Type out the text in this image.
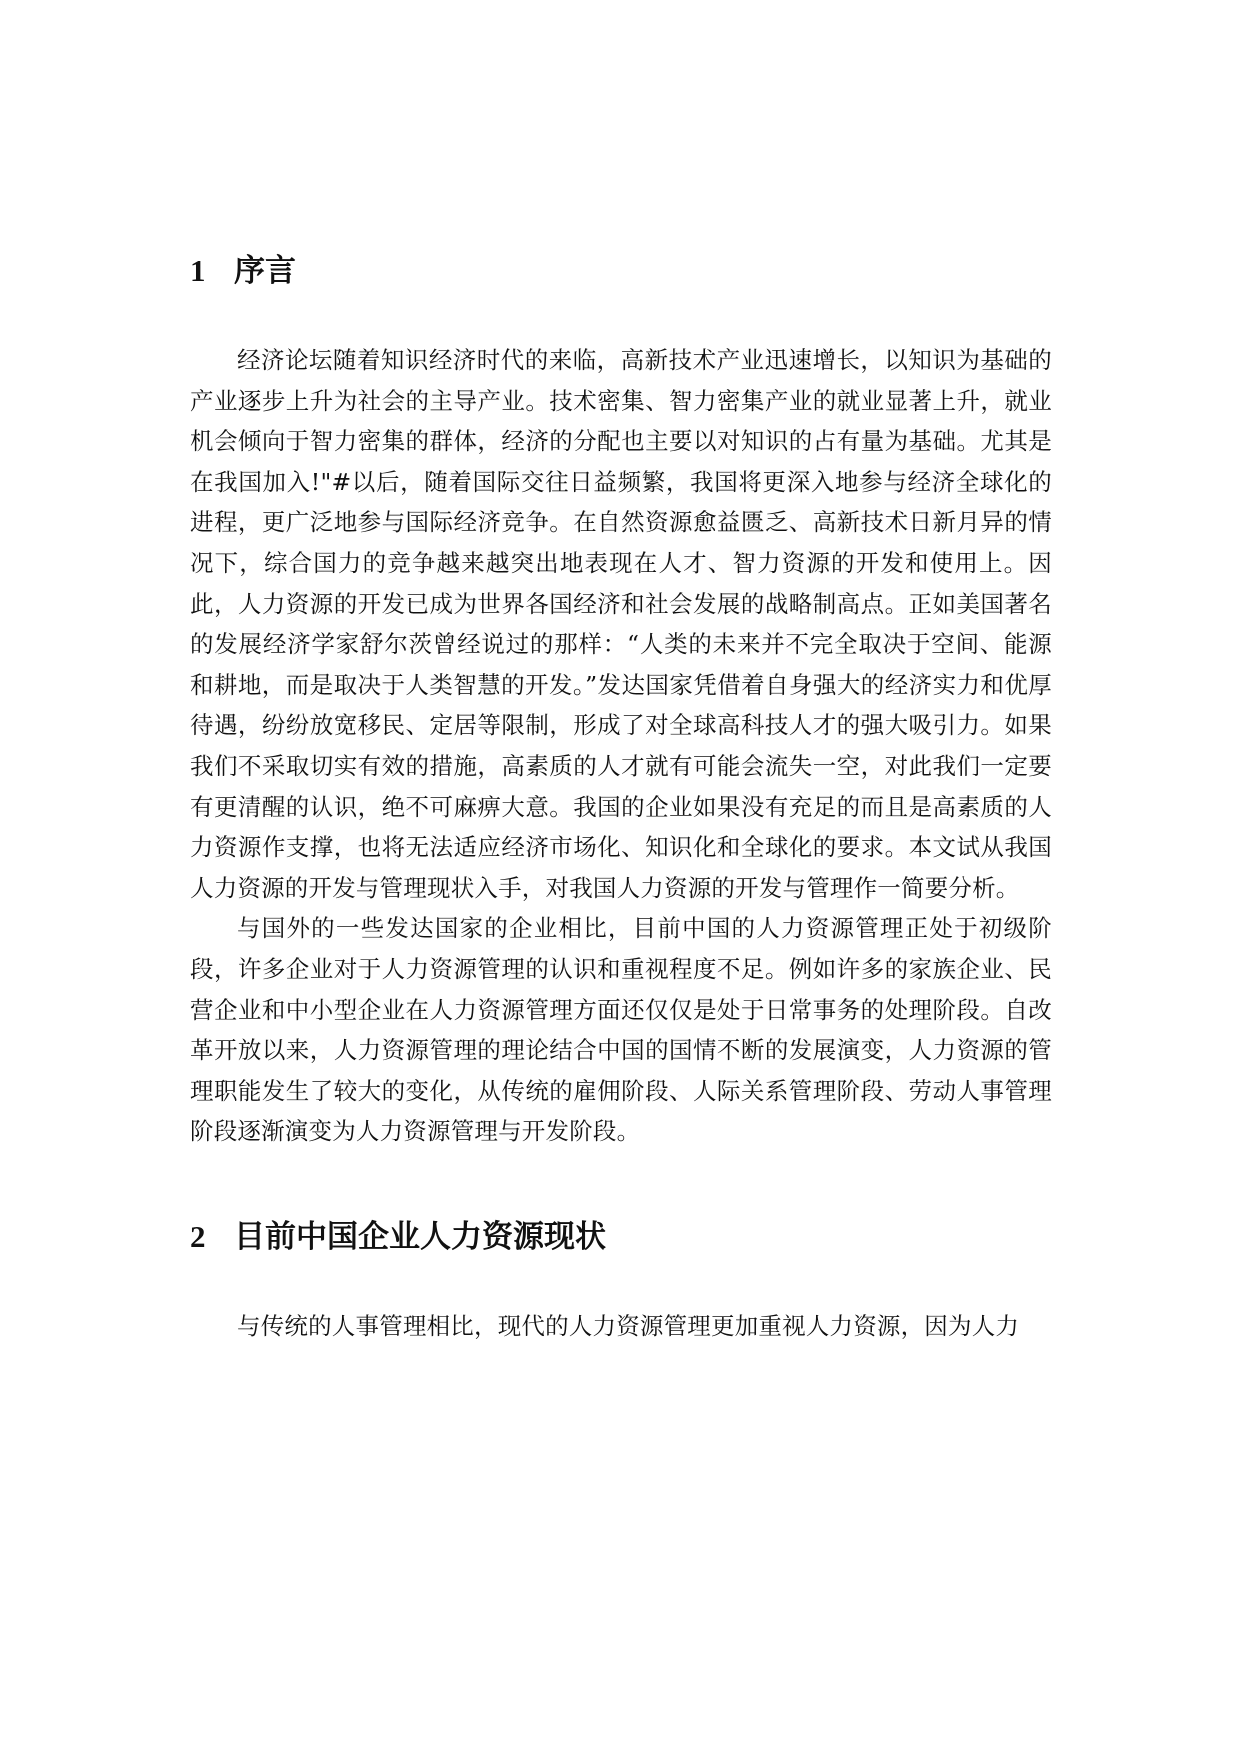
1 序言

经济论坛随着知识经济时代的来临，高新技术产业迅速增长，以知识为基础的产业逐步上升为社会的主导产业。技术密集、智力密集产业的就业显著上升，就业机会倾向于智力密集的群体，经济的分配也主要以对知识的占有量为基础。尤其是在我国加入!"#以后，随着国际交往日益频繁，我国将更深入地参与经济全球化的进程，更广泛地参与国际经济竞争。在自然资源愈益匮乏、高新技术日新月异的情况下，综合国力的竞争越来越突出地表现在人才、智力资源的开发和使用上。因此，人力资源的开发已成为世界各国经济和社会发展的战略制高点。正如美国著名的发展经济学家舒尔茨曾经说过的那样：“人类的未来并不完全取决于空间、能源和耕地，而是取决于人类智慧的开发。”发达国家凭借着自身强大的经济实力和优厚待遇，纷纷放宽移民、定居等限制，形成了对全球高科技人才的强大吸引力。如果我们不采取切实有效的措施，高素质的人才就有可能会流失一空，对此我们一定要有更清醒的认识，绝不可麻痹大意。我国的企业如果没有充足的而且是高素质的人力资源作支撑，也将无法适应经济市场化、知识化和全球化的要求。本文试从我国人力资源的开发与管理现状入手，对我国人力资源的开发与管理作一简要分析。

与国外的一些发达国家的企业相比，目前中国的人力资源管理正处于初级阶段，许多企业对于人力资源管理的认识和重视程度不足。例如许多的家族企业、民营企业和中小型企业在人力资源管理方面还仅仅是处于日常事务的处理阶段。自改革开放以来，人力资源管理的理论结合中国的国情不断的发展演变，人力资源的管理职能发生了较大的变化，从传统的雇佣阶段、人际关系管理阶段、劳动人事管理阶段逐渐演变为人力资源管理与开发阶段。

2 目前中国企业人力资源现状

与传统的人事管理相比，现代的人力资源管理更加重视人力资源，因为人力
